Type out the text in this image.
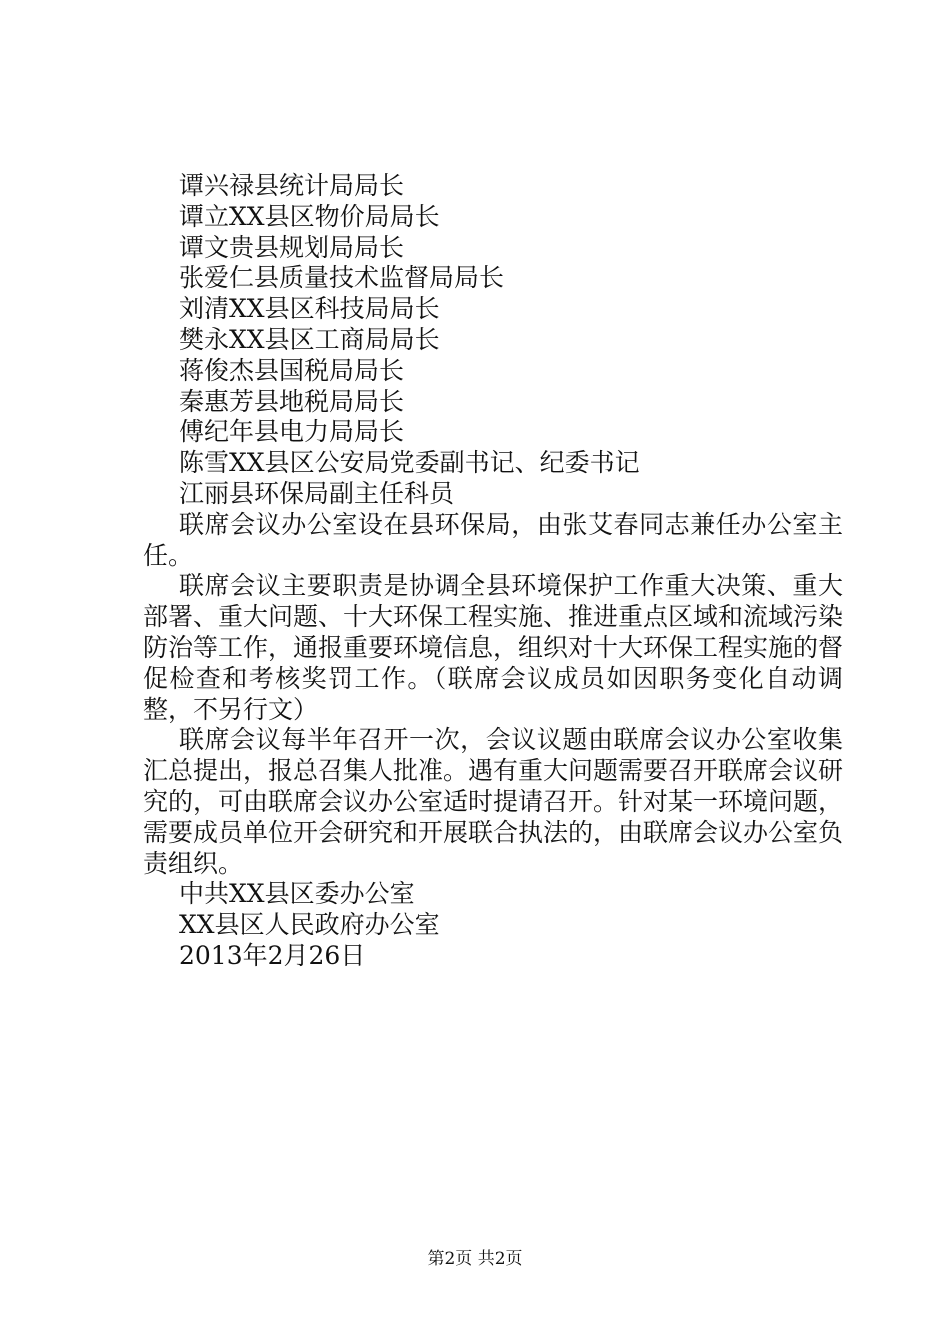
谭兴禄县统计局局长
谭立XX县区物价局局长
谭文贵县规划局局长
张爱仁县质量技术监督局局长
刘清XX县区科技局局长
樊永XX县区工商局局长
蒋俊杰县国税局局长
秦惠芳县地税局局长
傅纪年县电力局局长
陈雪XX县区公安局党委副书记、纪委书记
江丽县环保局副主任科员

联席会议办公室设在县环保局，由张艾春同志兼任办公室主任。

联席会议主要职责是协调全县环境保护工作重大决策、重大部署、重大问题、十大环保工程实施、推进重点区域和流域污染防治等工作，通报重要环境信息，组织对十大环保工程实施的督促检查和考核奖罚工作。（联席会议成员如因职务变化自动调整，不另行文）

联席会议每半年召开一次，会议议题由联席会议办公室收集汇总提出，报总召集人批准。遇有重大问题需要召开联席会议研究的，可由联席会议办公室适时提请召开。针对某一环境问题，需要成员单位开会研究和开展联合执法的，由联席会议办公室负责组织。

中共XX县区委办公室
XX县区人民政府办公室
2013年2月26日
第2页 共2页
